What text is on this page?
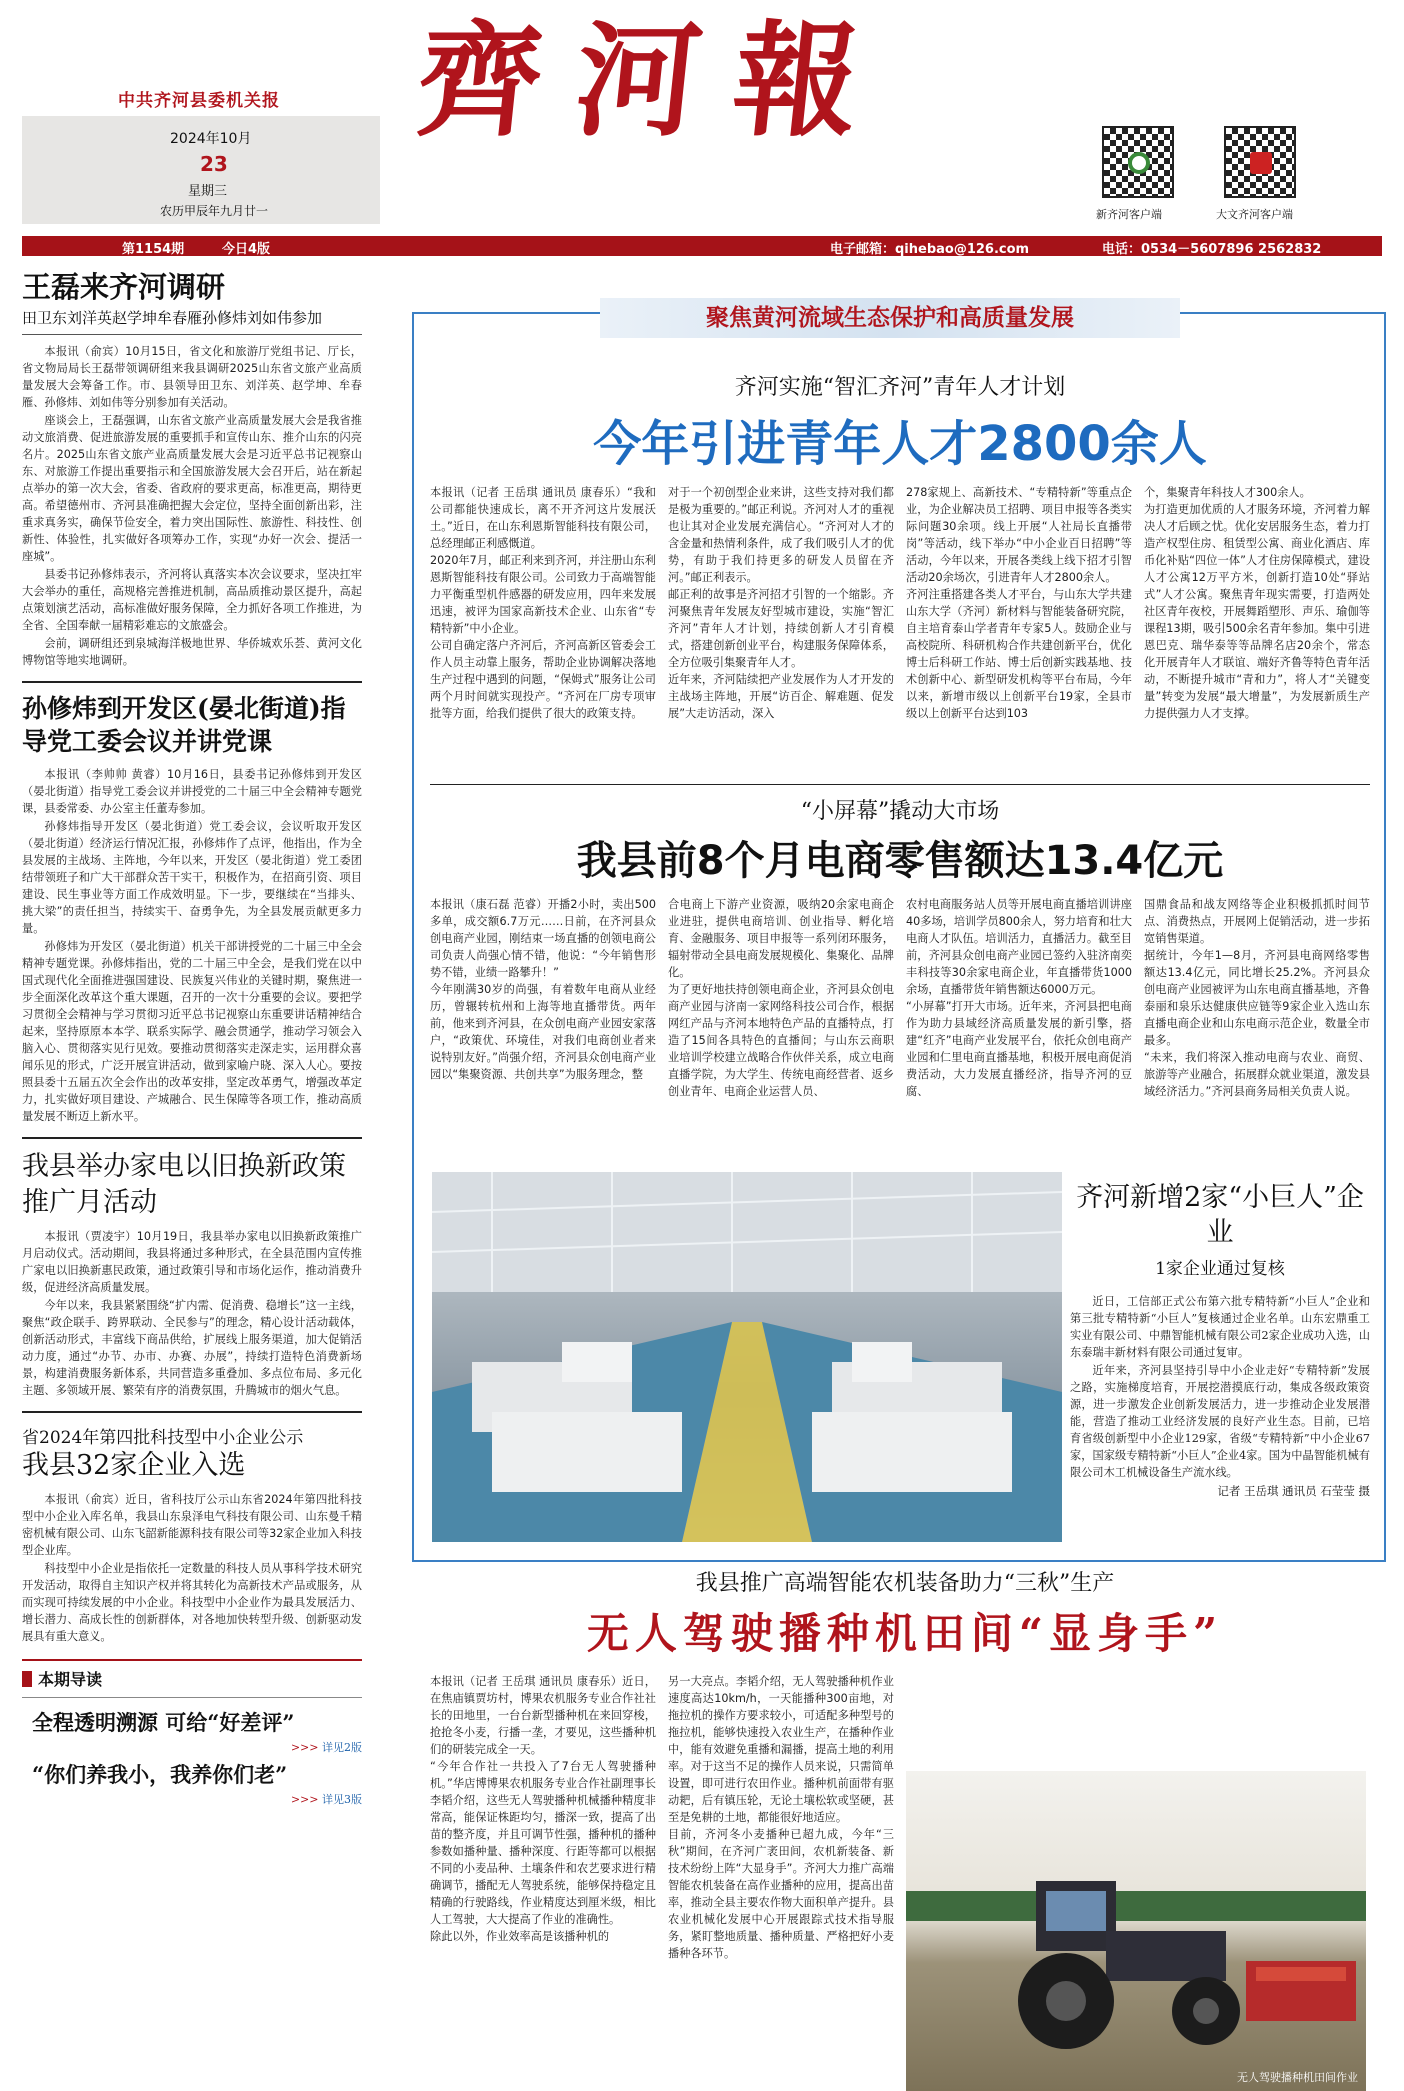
中共齐河县委机关报
2024年10月
23
星期三
农历甲辰年九月廿一
齊河報
新齐河客户端	大文齐河客户端
第1154期	今日4版	电子邮箱：qihebao@126.com	电话：0534－5607896 2562832
王磊来齐河调研
田卫东刘洋英赵学坤牟春雁孙修炜刘如伟参加

本报讯（俞宾）10月15日，省文化和旅游厅党组书记、厅长，省文物局局长王磊带领调研组来我县调研2025山东省文旅产业高质量发展大会筹备工作。市、县领导田卫东、刘洋英、赵学坤、牟春雁、孙修炜、刘如伟等分别参加有关活动。

座谈会上，王磊强调，山东省文旅产业高质量发展大会是我省推动文旅消费、促进旅游发展的重要抓手和宣传山东、推介山东的闪亮名片。2025山东省文旅产业高质量发展大会是习近平总书记视察山东、对旅游工作提出重要指示和全国旅游发展大会召开后，站在新起点举办的第一次大会，省委、省政府的要求更高，标准更高，期待更高。希望德州市、齐河县准确把握大会定位，坚持全面创新出彩，注重求真务实，确保节俭安全，着力突出国际性、旅游性、科技性、创新性、体验性，扎实做好各项筹办工作，实现“办好一次会、提活一座城”。

县委书记孙修炜表示，齐河将认真落实本次会议要求，坚决扛牢大会举办的重任，高规格完善推进机制，高品质推动景区提升，高起点策划演艺活动，高标准做好服务保障，全力抓好各项工作推进，为全省、全国奉献一届精彩难忘的文旅盛会。

会前，调研组还到泉城海洋极地世界、华侨城欢乐荟、黄河文化博物馆等地实地调研。

孙修炜到开发区(晏北街道)指导党工委会议并讲党课

本报讯（李帅帅 黄睿）10月16日，县委书记孙修炜到开发区（晏北街道）指导党工委会议并讲授党的二十届三中全会精神专题党课，县委常委、办公室主任董寿参加。

孙修炜指导开发区（晏北街道）党工委会议，会议听取开发区（晏北街道）经济运行情况汇报，孙修炜作了点评，他指出，作为全县发展的主战场、主阵地，今年以来，开发区（晏北街道）党工委团结带领班子和广大干部群众苦干实干，积极作为，在招商引资、项目建设、民生事业等方面工作成效明显。下一步，要继续在“当排头、挑大梁”的责任担当，持续实干、奋勇争先，为全县发展贡献更多力量。

孙修炜为开发区（晏北街道）机关干部讲授党的二十届三中全会精神专题党课。孙修炜指出，党的二十届三中全会，是我们党在以中国式现代化全面推进强国建设、民族复兴伟业的关键时期，聚焦进一步全面深化改革这个重大课题，召开的一次十分重要的会议。要把学习贯彻全会精神与学习贯彻习近平总书记视察山东重要讲话精神结合起来，坚持原原本本学、联系实际学、融会贯通学，推动学习领会入脑入心、贯彻落实见行见效。要推动贯彻落实走深走实，运用群众喜闻乐见的形式，广泛开展宣讲活动，做到家喻户晓、深入人心。要按照县委十五届五次全会作出的改革安排，坚定改革勇气，增强改革定力，扎实做好项目建设、产城融合、民生保障等各项工作，推动高质量发展不断迈上新水平。

我县举办家电以旧换新政策推广月活动

本报讯（贾凌宇）10月19日，我县举办家电以旧换新政策推广月启动仪式。活动期间，我县将通过多种形式，在全县范围内宣传推广家电以旧换新惠民政策，通过政策引导和市场化运作，推动消费升级，促进经济高质量发展。

今年以来，我县紧紧围绕“扩内需、促消费、稳增长”这一主线，聚焦“政企联手、跨界联动、全民参与”的理念，精心设计活动载体，创新活动形式，丰富线下商品供给，扩展线上服务渠道，加大促销活动力度，通过“办节、办市、办赛、办展”，持续打造特色消费新场景，构建消费服务新体系，共同营造多重叠加、多点位布局、多元化主题、多领域开展、繁荣有序的消费氛围，升腾城市的烟火气息。

省2024年第四批科技型中小企业公示
我县32家企业入选

本报讯（俞宾）近日，省科技厅公示山东省2024年第四批科技型中小企业入库名单，我县山东泉泽电气科技有限公司、山东曼千精密机械有限公司、山东飞韶新能源科技有限公司等32家企业加入科技型企业库。

科技型中小企业是指依托一定数量的科技人员从事科学技术研究开发活动，取得自主知识产权并将其转化为高新技术产品或服务，从而实现可持续发展的中小企业。科技型中小企业作为最具发展活力、增长潜力、高成长性的创新群体，对各地加快转型升级、创新驱动发展具有重大意义。

本期导读
全程透明溯源 可给“好差评”
>>> 详见2版
“你们养我小，我养你们老”
>>> 详见3版
聚焦黄河流域生态保护和高质量发展
齐河实施“智汇齐河”青年人才计划
今年引进青年人才2800余人
本报讯（记者 王岳琪 通讯员 康春乐）“我和公司都能快速成长，离不开齐河这片发展沃土。”近日，在山东利恩斯智能科技有限公司，总经理邮正利感慨道。
2020年7月，邮正利来到齐河，并注册山东利恩斯智能科技有限公司。公司致力于高端智能力平衡重型机件感器的研发应用，四年来发展迅速，被评为国家高新技术企业、山东省“专精特新”中小企业。
公司自确定落户齐河后，齐河高新区管委会工作人员主动靠上服务，帮助企业协调解决落地生产过程中遇到的问题，“保姆式”服务让公司两个月时间就实现投产。“齐河在厂房专项审批等方面，给我们提供了很大的政策支持。
对于一个初创型企业来讲，这些支持对我们都是极为重要的。”邮正利说。齐河对人才的重视也让其对企业发展充满信心。“齐河对人才的含金量和热情利条件，成了我们吸引人才的优势，有助于我们持更多的研发人员留在齐河。”邮正利表示。
邮正利的故事是齐河招才引智的一个缩影。齐河聚焦青年发展友好型城市建设，实施“智汇齐河”青年人才计划，持续创新人才引育模式，搭建创新创业平台，构建服务保障体系，全方位吸引集聚青年人才。
近年来，齐河陆续把产业发展作为人才开发的主战场主阵地，开展“访百企、解难题、促发展”大走访活动，深入
278家规上、高新技术、“专精特新”等重点企业，为企业解决员工招聘、项目申报等各类实际问题30余项。线上开展“人社局长直播带岗”等活动，线下举办“中小企业百日招聘”等活动，今年以来，开展各类线上线下招才引智活动20余场次，引进青年人才2800余人。
齐河注重搭建各类人才平台，与山东大学共建山东大学（齐河）新材料与智能装备研究院，自主培育泰山学者青年专家5人。鼓励企业与高校院所、科研机构合作共建创新平台，优化博士后科研工作站、博士后创新实践基地、技术创新中心、新型研发机构等平台布局，今年以来，新增市级以上创新平台19家，全县市级以上创新平台达到103
个，集聚青年科技人才300余人。
为打造更加优质的人才服务环境，齐河着力解决人才后顾之忧。优化安居服务生态，着力打造产权型住房、租赁型公寓、商业化酒店、库币化补贴“四位一体”人才住房保障模式，建设人才公寓12万平方米，创新打造10处“驿站式”人才公寓。聚焦青年现实需要，打造两处社区青年夜校，开展舞蹈塑形、声乐、瑜伽等课程13期，吸引500余名青年参加。集中引进恩巴克、瑞华泰等等品牌名店20余个，常态化开展青年人才联谊、端好齐鲁等特色青年活动，不断提升城市“青和力”，将人才“关键变量”转变为发展“最大增量”，为发展新质生产力提供强力人才支撑。
“小屏幕”撬动大市场
我县前8个月电商零售额达13.4亿元
本报讯（康石磊 范睿）开播2小时，卖出500多单，成交额6.7万元……日前，在齐河县众创电商产业园，刚结束一场直播的创领电商公司负责人尚强心情不错，他说：“今年销售形势不错，业绩一路攀升！”
今年刚满30岁的尚强，有着数年电商从业经历，曾辗转杭州和上海等地直播带货。两年前，他来到齐河县，在众创电商产业园安家落户，“政策优、环境佳，对我们电商创业者来说特别友好。”尚强介绍，齐河县众创电商产业园以“集聚资源、共创共享”为服务理念，整
合电商上下游产业资源，吸纳20余家电商企业进驻，提供电商培训、创业指导、孵化培育、金融服务、项目申报等一系列闭环服务，辐射带动全县电商发展规模化、集聚化、品牌化。
为了更好地扶持创领电商企业，齐河县众创电商产业园与济南一家网络科技公司合作，根据网红产品与齐河本地特色产品的直播特点，打造了15间各具特色的直播间；与山东云商职业培训学校建立战略合作伙伴关系，成立电商直播学院，为大学生、传统电商经营者、返乡创业青年、电商企业运营人员、
农村电商服务站人员等开展电商直播培训讲座40多场，培训学员800余人，努力培育和壮大电商人才队伍。培训活力，直播活力。截至目前，齐河县众创电商产业园已签约入驻济南奕丰科技等30余家电商企业，年直播带货1000余场，直播带货年销售额达6000万元。
“小屏幕”打开大市场。近年来，齐河县把电商作为助力县域经济高质量发展的新引擎，搭建“红齐”电商产业发展平台，依托众创电商产业园和仁里电商直播基地，积极开展电商促消费活动，大力发展直播经济，指导齐河的豆腐、
国鼎食品和战友网络等企业积极抓抓时间节点、消费热点，开展网上促销活动，进一步拓宽销售渠道。
据统计，今年1—8月，齐河县电商网络零售额达13.4亿元，同比增长25.2%。齐河县众创电商产业园被评为山东电商直播基地，齐鲁泰丽和泉乐达健康供应链等9家企业入选山东直播电商企业和山东电商示范企业，数量全市最多。
“未来，我们将深入推动电商与农业、商贸、旅游等产业融合，拓展群众就业渠道，激发县域经济活力。”齐河县商务局相关负责人说。
齐河新增2家“小巨人”企业
1家企业通过复核

近日，工信部正式公布第六批专精特新“小巨人”企业和第三批专精特新“小巨人”复核通过企业名单。山东宏鼎重工实业有限公司、中鼎智能机械有限公司2家企业成功入选，山东泰瑞丰新材料有限公司通过复审。

近年来，齐河县坚持引导中小企业走好“专精特新”发展之路，实施梯度培育，开展挖潜摸底行动，集成各级政策资源，进一步激发企业创新发展活力，进一步推动企业发展潜能，营造了推动工业经济发展的良好产业生态。目前，已培育省级创新型中小企业129家，省级“专精特新”中小企业67家，国家级专精特新“小巨人”企业4家。国为中晶智能机械有限公司木工机械设备生产流水线。

记者 王岳琪 通讯员 石莹莹 摄
我县推广高端智能农机装备助力“三秋”生产
无人驾驶播种机田间“显身手”
本报讯（记者 王岳琪 通讯员 康春乐）近日，在焦庙镇贾坊村，博果农机服务专业合作社社长的田地里，一台台新型播种机在来回穿梭，抢抢冬小麦，行播一垄，才要见，这些播种机们的研装完成全一天。
“今年合作社一共投入了7台无人驾驶播种机。”华店博博果农机服务专业合作社副理事长李韬介绍，这些无人驾驶播种机械播种精度非常高，能保证株距均匀，播深一致，提高了出苗的整齐度，并且可调节性强，播种机的播种参数如播种量、播种深度、行距等都可以根据不同的小麦品种、土壤条件和农艺要求进行精确调节，播配无人驾驶系统，能够保持稳定且精确的行驶路线，作业精度达到厘米级，相比人工驾驶，大大提高了作业的准确性。
除此以外，作业效率高是该播种机的
另一大亮点。李韬介绍，无人驾驶播种机作业速度高达10km/h，一天能播种300亩地，对拖拉机的操作方要求较小，可适配多种型号的拖拉机，能够快速投入农业生产，在播种作业中，能有效避免重播和漏播，提高土地的利用率。对于这当不足的操作人员来说，只需简单设置，即可进行农田作业。播种机前面带有驱动耙，后有镇压轮，无论土壤松软或坚硬，甚至是免耕的土地，都能很好地适应。
目前，齐河冬小麦播种已超九成，今年“三秋”期间，在齐河广袤田间，农机新装备、新技术纷纷上阵“大显身手”。齐河大力推广高端智能农机装备在高作业播种的应用，提高出苗率，推动全县主要农作物大面积单产提升。县农业机械化发展中心开展跟踪式技术指导服务，紧盯整地质量、播种质量、严格把好小麦播种各环节。
无人驾驶播种机田间作业
